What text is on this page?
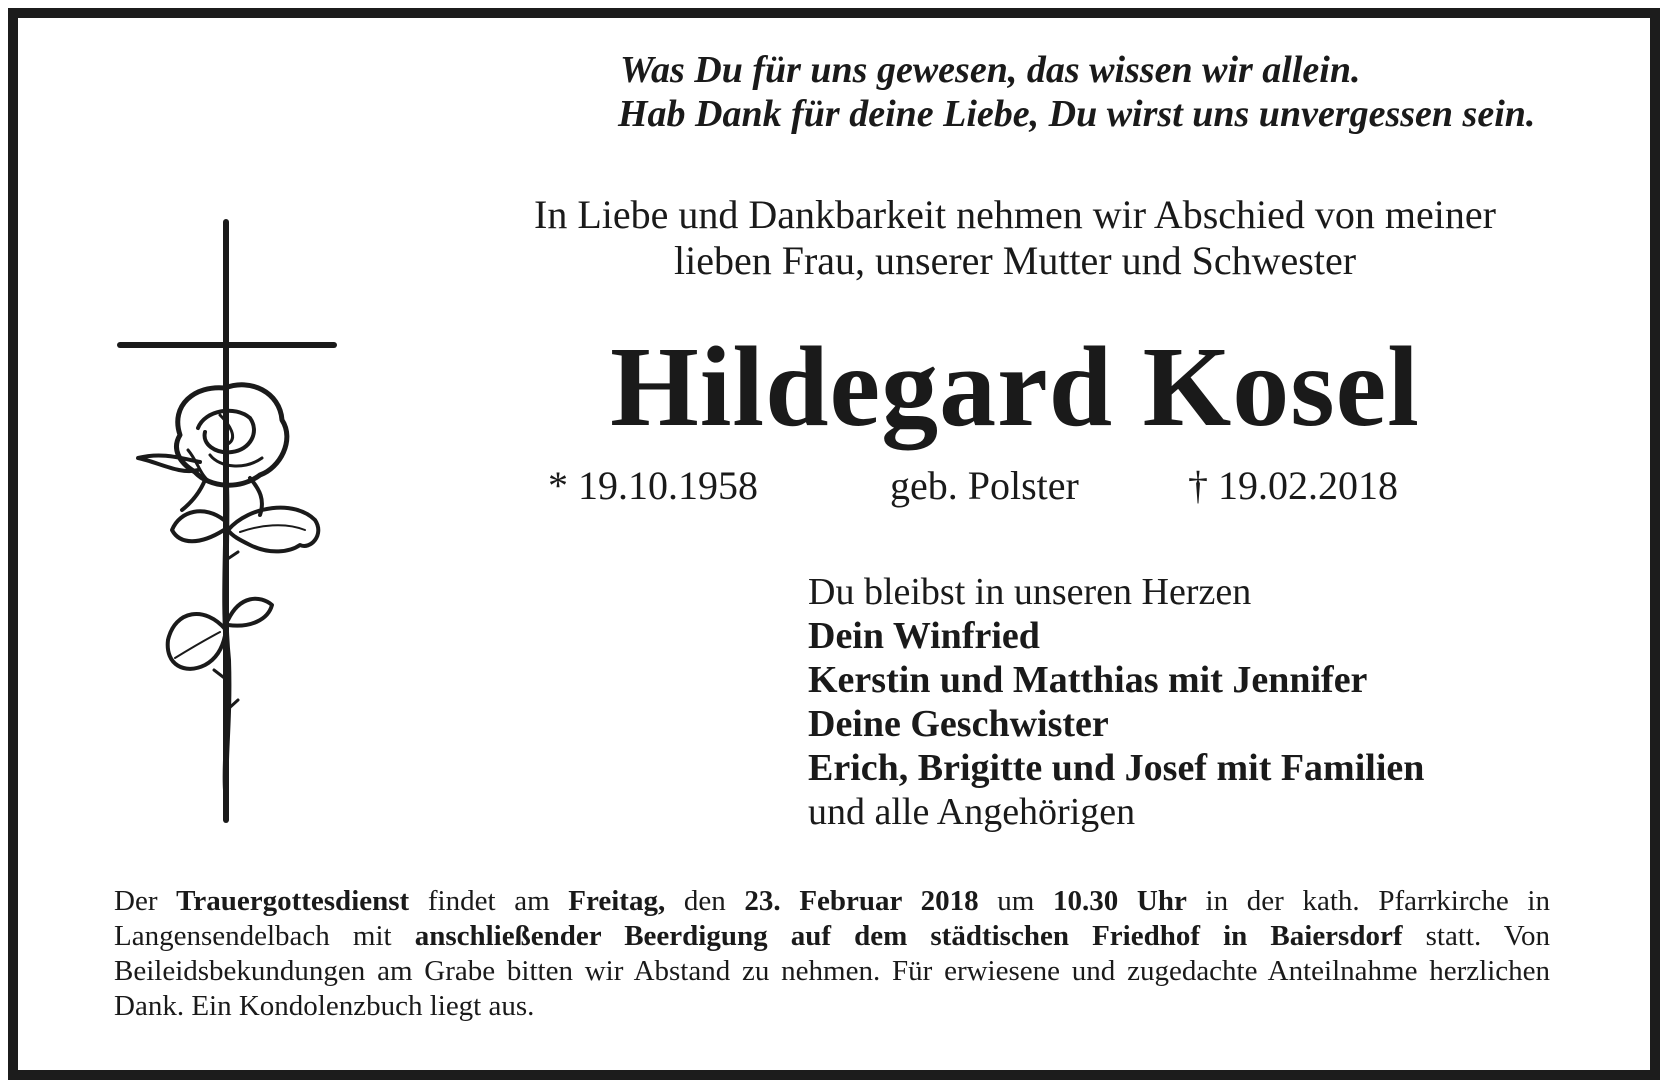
Was Du für uns gewesen, das wissen wir allein.
Hab Dank für deine Liebe, Du wirst uns unvergessen sein.
In Liebe und Dankbarkeit nehmen wir Abschied von meiner
lieben Frau, unserer Mutter und Schwester
Hildegard Kosel
* 19.10.1958	geb. Polster	† 19.02.2018
Du bleibst in unseren Herzen
Dein Winfried
Kerstin und Matthias mit Jennifer
Deine Geschwister
Erich, Brigitte und Josef mit Familien
und alle Angehörigen
Der Trauergottesdienst findet am Freitag, den 23. Februar 2018 um 10.30 Uhr in der kath. Pfarrkirche in Langensendelbach mit anschließender Beerdigung auf dem städtischen Friedhof in Baiersdorf statt. Von Beileidsbekundungen am Grabe bitten wir Abstand zu nehmen. Für erwiesene und zugedachte Anteilnahme herzlichen Dank. Ein Kondolenzbuch liegt aus.
